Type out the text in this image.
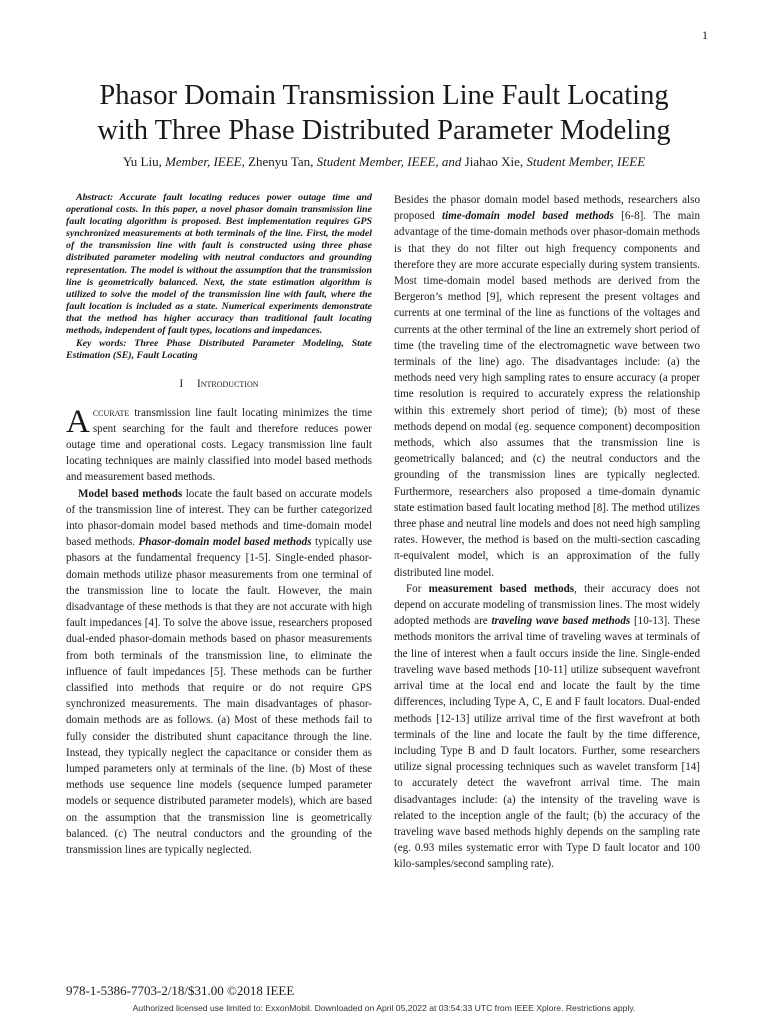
1
Phasor Domain Transmission Line Fault Locating
with Three Phase Distributed Parameter Modeling
Yu Liu, Member, IEEE, Zhenyu Tan, Student Member, IEEE, and Jiahao Xie, Student Member, IEEE

Abstract: Accurate fault locating reduces power outage time and operational costs. In this paper, a novel phasor domain transmission line fault locating algorithm is proposed. Best implementation requires GPS synchronized measurements at both terminals of the line. First, the model of the transmission line with fault is constructed using three phase distributed parameter modeling with neutral conductors and grounding representation. The model is without the assumption that the transmission line is geometrically balanced. Next, the state estimation algorithm is utilized to solve the model of the transmission line with fault, where the fault location is included as a state. Numerical experiments demonstrate that the method has higher accuracy than traditional fault locating methods, independent of fault types, locations and impedances.

Key words: Three Phase Distributed Parameter Modeling, State Estimation (SE), Fault Locating

I Introduction

Accurate transmission line fault locating minimizes the time spent searching for the fault and therefore reduces power outage time and operational costs. Legacy transmission line fault locating techniques are mainly classified into model based methods and measurement based methods.

Model based methods locate the fault based on accurate models of the transmission line of interest. They can be further categorized into phasor-domain model based methods and time-domain model based methods. Phasor-domain model based methods typically use phasors at the fundamental frequency [1-5]. Single-ended phasor-domain methods utilize phasor measurements from one terminal of the transmission line to locate the fault. However, the main disadvantage of these methods is that they are not accurate with high fault impedances [4]. To solve the above issue, researchers proposed dual-ended phasor-domain methods based on phasor measurements from both terminals of the transmission line, to eliminate the influence of fault impedances [5]. These methods can be further classified into methods that require or do not require GPS synchronized measurements. The main disadvantages of phasor-domain methods are as follows. (a) Most of these methods fail to fully consider the distributed shunt capacitance through the line. Instead, they typically neglect the capacitance or consider them as lumped parameters only at terminals of the line. (b) Most of these methods use sequence line models (sequence lumped parameter models or sequence distributed parameter models), which are based on the assumption that the transmission line is geometrically balanced. (c) The neutral conductors and the grounding of the transmission lines are typically neglected.

Besides the phasor domain model based methods, researchers also proposed time-domain model based methods [6-8]. The main advantage of the time-domain methods over phasor-domain methods is that they do not filter out high frequency components and therefore they are more accurate especially during system transients. Most time-domain model based methods are derived from the Bergeron’s method [9], which represent the present voltages and currents at one terminal of the line as functions of the voltages and currents at the other terminal of the line an extremely short period of time (the traveling time of the electromagnetic wave between two terminals of the line) ago. The disadvantages include: (a) the methods need very high sampling rates to ensure accuracy (a proper time resolution is required to accurately express the relationship within this extremely short period of time); (b) most of these methods depend on modal (eg. sequence component) decomposition methods, which also assumes that the transmission line is geometrically balanced; and (c) the neutral conductors and the grounding of the transmission lines are typically neglected. Furthermore, researchers also proposed a time-domain dynamic state estimation based fault locating method [8]. The method utilizes three phase and neutral line models and does not need high sampling rates. However, the method is based on the multi-section cascading π-equivalent model, which is an approximation of the fully distributed line model.

For measurement based methods, their accuracy does not depend on accurate modeling of transmission lines. The most widely adopted methods are traveling wave based methods [10-13]. These methods monitors the arrival time of traveling waves at terminals of the line of interest when a fault occurs inside the line. Single-ended traveling wave based methods [10-11] utilize subsequent wavefront arrival time at the local end and locate the fault by the time differences, including Type A, C, E and F fault locators. Dual-ended methods [12-13] utilize arrival time of the first wavefront at both terminals of the line and locate the fault by the time difference, including Type B and D fault locators. Further, some researchers utilize signal processing techniques such as wavelet transform [14] to accurately detect the wavefront arrival time. The main disadvantages include: (a) the intensity of the traveling wave is related to the inception angle of the fault; (b) the accuracy of the traveling wave based methods highly depends on the sampling rate (eg. 0.93 miles systematic error with Type D fault locator and 100 kilo-samples/second sampling rate).

978-1-5386-7703-2/18/$31.00 ©2018 IEEE
Authorized licensed use limited to: ExxonMobil. Downloaded on April 05,2022 at 03:54:33 UTC from IEEE Xplore. Restrictions apply.
